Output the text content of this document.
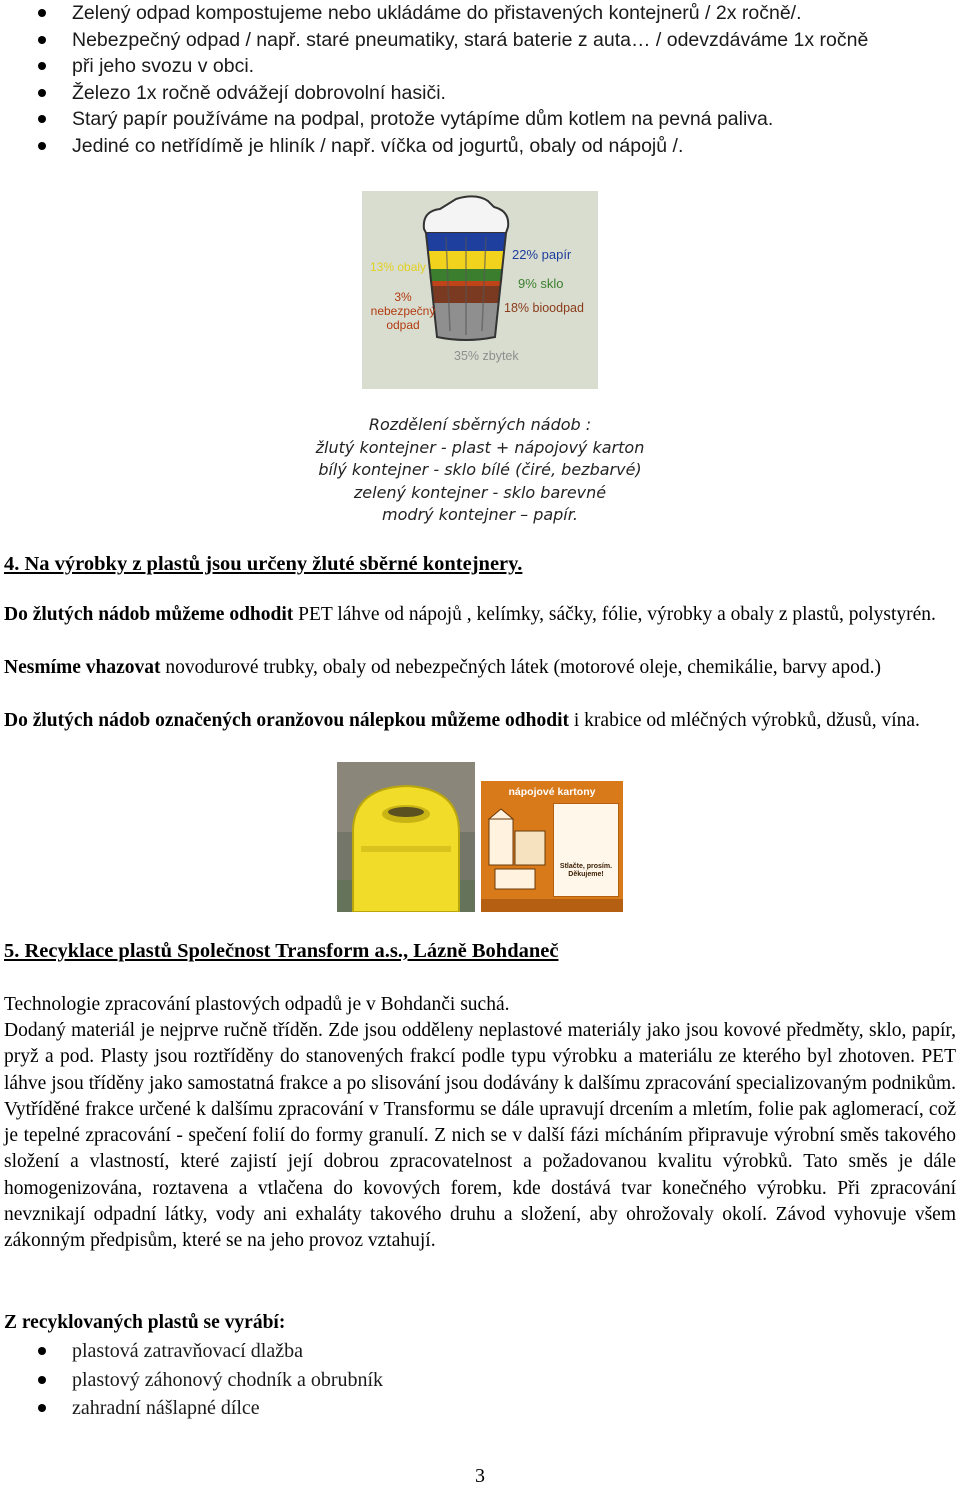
Zelený odpad kompostujeme nebo ukládáme do přistavených kontejnerů / 2x ročně/.
Nebezpečný odpad / např. staré pneumatiky, stará baterie z auta… / odevzdáváme 1x ročně
při jeho svozu v obci.
Železo 1x ročně odvážejí dobrovolní hasiči.
Starý papír používáme na podpal, protože vytápíme dům kotlem na pevná paliva.
Jediné co netřídímě je hliník / např. víčka od jogurtů, obaly od nápojů /.
22% papír
9% sklo
18% bioodpad
13% obaly
3% nebezpečný odpad
35% zbytek
Rozdělení sběrných nádob :
žlutý kontejner - plast + nápojový karton
bílý kontejner - sklo bílé (čiré, bezbarvé)
zelený kontejner - sklo barevné
modrý kontejner – papír.
4. Na výrobky z plastů jsou určeny žluté sběrné kontejnery.
Do žlutých nádob můžeme odhodit PET láhve od nápojů , kelímky, sáčky, fólie, výrobky a obaly z plastů, polystyrén.
Nesmíme vhazovat novodurové trubky, obaly od nebezpečných látek (motorové oleje, chemikálie, barvy apod.)
Do žlutých nádob označených oranžovou nálepkou můžeme odhodit i krabice od mléčných výrobků, džusů, vína.
nápojové kartony
Stlačte, prosím. Děkujeme!
5. Recyklace plastů Společnost Transform a.s., Lázně Bohdaneč
Technologie zpracování plastových odpadů je v Bohdanči suchá.
Dodaný materiál je nejprve ručně tříděn. Zde jsou odděleny neplastové materiály jako jsou kovové předměty, sklo, papír, pryž a pod. Plasty jsou roztříděny do stanovených frakcí podle typu výrobku a materiálu ze kterého byl zhotoven. PET láhve jsou tříděny jako samostatná frakce a po slisování jsou dodávány k dalšímu zpracování specializovaným podnikům. Vytříděné frakce určené k dalšímu zpracování v Transformu se dále upravují drcením a mletím, folie pak aglomerací, což je tepelné zpracování - spečení folií do formy granulí. Z nich se v další fázi mícháním připravuje výrobní směs takového složení a vlastností, které zajistí její dobrou zpracovatelnost a požadovanou kvalitu výrobků. Tato směs je dále homogenizována, roztavena a vtlačena do kovových forem, kde dostává tvar konečného výrobku. Při zpracování nevznikají odpadní látky, vody ani exhaláty takového druhu a složení, aby ohrožovaly okolí. Závod vyhovuje všem zákonným předpisům, které se na jeho provoz vztahují.
Z recyklovaných plastů se vyrábí:
plastová zatravňovací dlažba
plastový záhonový chodník a obrubník
zahradní nášlapné dílce
3
